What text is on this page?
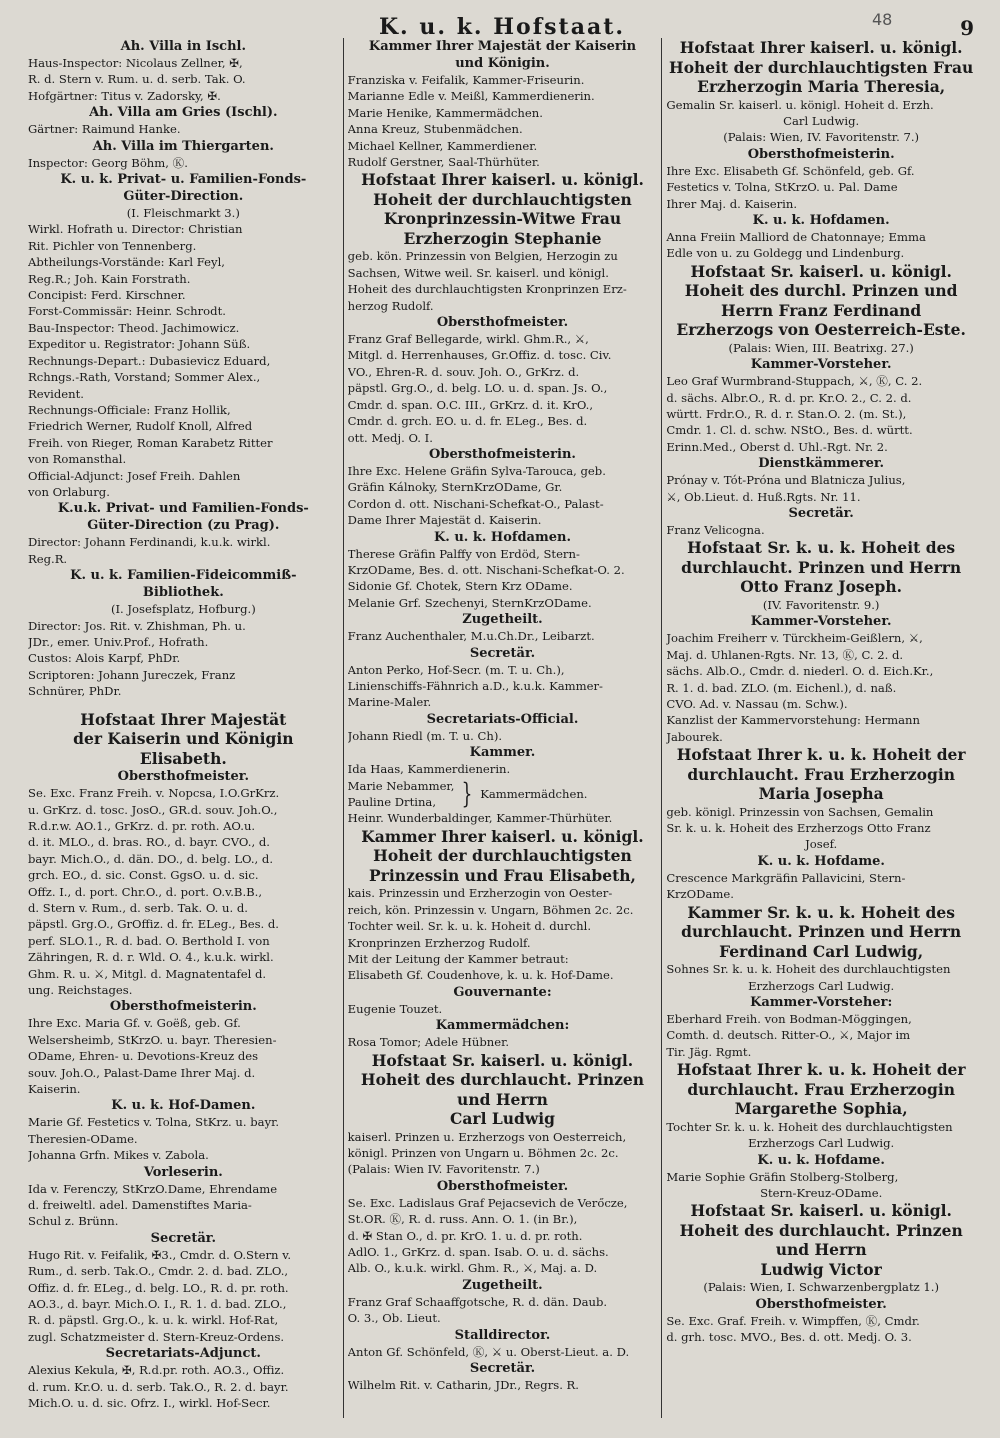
K. u. k. Hofstaat.	48	9
Ah. Villa in Ischl.
Haus-Inspector: Nicolaus Zellner, ✠,
R. d. Stern v. Rum. u. d. serb. Tak. O.
Hofgärtner: Titus v. Zadorsky, ✠.
Ah. Villa am Gries (Ischl).
Gärtner: Raimund Hanke.
Ah. Villa im Thiergarten.
Inspector: Georg Böhm, Ⓚ.
K. u. k. Privat- u. Familien-Fonds-
Güter-Direction.
(I. Fleischmarkt 3.)
Wirkl. Hofrath u. Director: Christian
Rit. Pichler von Tennenberg.
Abtheilungs-Vorstände: Karl Feyl,
Reg.R.; Joh. Kain Forstrath.
Concipist: Ferd. Kirschner.
Forst-Commissär: Heinr. Schrodt.
Bau-Inspector: Theod. Jachimowicz.
Expeditor u. Registrator: Johann Süß.
Rechnungs-Depart.: Dubasievicz Eduard,
Rchngs.-Rath, Vorstand; Sommer Alex.,
Revident.
Rechnungs-Officiale: Franz Hollik,
Friedrich Werner, Rudolf Knoll, Alfred
Freih. von Rieger, Roman Karabetz Ritter
von Romansthal.
Official-Adjunct: Josef Freih. Dahlen
von Orlaburg.
K.u.k. Privat- und Familien-Fonds-
Güter-Direction (zu Prag).
Director: Johann Ferdinandi, k.u.k. wirkl.
Reg.R.
K. u. k. Familien-Fideicommiß-
Bibliothek.
(I. Josefsplatz, Hofburg.)
Director: Jos. Rit. v. Zhishman, Ph. u.
JDr., emer. Univ.Prof., Hofrath.
Custos: Alois Karpf, PhDr.
Scriptoren: Johann Jureczek, Franz
Schnürer, PhDr.
Hofstaat Ihrer Majestät
der Kaiserin und Königin
Elisabeth.
Obersthofmeister.
Se. Exc. Franz Freih. v. Nopcsa, I.O.GrKrz.
u. GrKrz. d. tosc. JosO., GR.d. souv. Joh.O.,
R.d.r.w. AO.1., GrKrz. d. pr. roth. AO.u.
d. it. MLO., d. bras. RO., d. bayr. CVO., d.
bayr. Mich.O., d. dän. DO., d. belg. LO., d.
grch. EO., d. sic. Const. GgsO. u. d. sic.
Offz. I., d. port. Chr.O., d. port. O.v.B.B.,
d. Stern v. Rum., d. serb. Tak. O. u. d.
päpstl. Grg.O., GrOffiz. d. fr. ELeg., Bes. d.
perf. SLO.1., R. d. bad. O. Berthold I. von
Zähringen, R. d. r. Wld. O. 4., k.u.k. wirkl.
Ghm. R. u. ⚔, Mitgl. d. Magnatentafel d.
ung. Reichstages.
Obersthofmeisterin.
Ihre Exc. Maria Gf. v. Goëß, geb. Gf.
Welsersheimb, StKrzO. u. bayr. Theresien-
ODame, Ehren- u. Devotions-Kreuz des
souv. Joh.O., Palast-Dame Ihrer Maj. d.
Kaiserin.
K. u. k. Hof-Damen.
Marie Gf. Festetics v. Tolna, StKrz. u. bayr.
Theresien-ODame.
Johanna Grfn. Mikes v. Zabola.
Vorleserin.
Ida v. Ferenczy, StKrzO.Dame, Ehrendame
d. freiweltl. adel. Damenstiftes Maria-
Schul z. Brünn.
Secretär.
Hugo Rit. v. Feifalik, ✠3., Cmdr. d. O.Stern v.
Rum., d. serb. Tak.O., Cmdr. 2. d. bad. ZLO.,
Offiz. d. fr. ELeg., d. belg. LO., R. d. pr. roth.
AO.3., d. bayr. Mich.O. I., R. 1. d. bad. ZLO.,
R. d. päpstl. Grg.O., k. u. k. wirkl. Hof-Rat,
zugl. Schatzmeister d. Stern-Kreuz-Ordens.
Secretariats-Adjunct.
Alexius Kekula, ✠, R.d.pr. roth. AO.3., Offiz.
d. rum. Kr.O. u. d. serb. Tak.O., R. 2. d. bayr.
Mich.O. u. d. sic. Ofrz. I., wirkl. Hof-Secr.
Kammer Ihrer Majestät der Kaiserin
und Königin.
Franziska v. Feifalik, Kammer-Friseurin.
Marianne Edle v. Meißl, Kammerdienerin.
Marie Henike, Kammermädchen.
Anna Kreuz, Stubenmädchen.
Michael Kellner, Kammerdiener.
Rudolf Gerstner, Saal-Thürhüter.
Hofstaat Ihrer kaiserl. u. königl.
Hoheit der durchlauchtigsten
Kronprinzessin-Witwe Frau
Erzherzogin Stephanie
geb. kön. Prinzessin von Belgien, Herzogin zu
Sachsen, Witwe weil. Sr. kaiserl. und königl.
Hoheit des durchlauchtigsten Kronprinzen Erz-
herzog Rudolf.
Obersthofmeister.
Franz Graf Bellegarde, wirkl. Ghm.R., ⚔,
Mitgl. d. Herrenhauses, Gr.Offiz. d. tosc. Civ.
VO., Ehren-R. d. souv. Joh. O., GrKrz. d.
päpstl. Grg.O., d. belg. LO. u. d. span. Js. O.,
Cmdr. d. span. O.C. III., GrKrz. d. it. KrO.,
Cmdr. d. grch. EO. u. d. fr. ELeg., Bes. d.
ott. Medj. O. I.
Obersthofmeisterin.
Ihre Exc. Helene Gräfin Sylva-Tarouca, geb.
Gräfin Kálnoky, SternKrzODame, Gr.
Cordon d. ott. Nischani-Schefkat-O., Palast-
Dame Ihrer Majestät d. Kaiserin.
K. u. k. Hofdamen.
Therese Gräfin Palffy von Erdöd, Stern-
KrzODame, Bes. d. ott. Nischani-Schefkat-O. 2.
Sidonie Gf. Chotek, Stern Krz ODame.
Melanie Grf. Szechenyi, SternKrzODame.
Zugetheilt.
Franz Auchenthaler, M.u.Ch.Dr., Leibarzt.
Secretär.
Anton Perko, Hof-Secr. (m. T. u. Ch.),
Linienschiffs-Fähnrich a.D., k.u.k. Kammer-
Marine-Maler.
Secretariats-Official.
Johann Riedl (m. T. u. Ch).
Kammer.
Ida Haas, Kammerdienerin.
Marie Nebammer,
Pauline Drtina, } Kammermädchen.
Heinr. Wunderbaldinger, Kammer-Thürhüter.
Kammer Ihrer kaiserl. u. königl.
Hoheit der durchlauchtigsten
Prinzessin und Frau Elisabeth,
kais. Prinzessin und Erzherzogin von Oester-
reich, kön. Prinzessin v. Ungarn, Böhmen 2c. 2c.
Tochter weil. Sr. k. u. k. Hoheit d. durchl.
Kronprinzen Erzherzog Rudolf.
Mit der Leitung der Kammer betraut:
Elisabeth Gf. Coudenhove, k. u. k. Hof-Dame.
Gouvernante:
Eugenie Touzet.
Kammermädchen:
Rosa Tomor; Adele Hübner.
Hofstaat Sr. kaiserl. u. königl.
Hoheit des durchlaucht. Prinzen
und Herrn
Carl Ludwig
kaiserl. Prinzen u. Erzherzogs von Oesterreich,
königl. Prinzen von Ungarn u. Böhmen 2c. 2c.
(Palais: Wien IV. Favoritenstr. 7.)
Obersthofmeister.
Se. Exc. Ladislaus Graf Pejacsevich de Verőcze,
St.OR. Ⓚ, R. d. russ. Ann. O. 1. (in Br.),
d. ✠ Stan O., d. pr. KrO. 1. u. d. pr. roth.
AdlO. 1., GrKrz. d. span. Isab. O. u. d. sächs.
Alb. O., k.u.k. wirkl. Ghm. R., ⚔, Maj. a. D.
Zugetheilt.
Franz Graf Schaaffgotsche, R. d. dän. Daub.
O. 3., Ob. Lieut.
Stalldirector.
Anton Gf. Schönfeld, Ⓚ, ⚔ u. Oberst-Lieut. a. D.
Secretär.
Wilhelm Rit. v. Catharin, JDr., Regrs. R.
Hofstaat Ihrer kaiserl. u. königl.
Hoheit der durchlauchtigsten Frau
Erzherzogin Maria Theresia,
Gemalin Sr. kaiserl. u. königl. Hoheit d. Erzh.
Carl Ludwig.
(Palais: Wien, IV. Favoritenstr. 7.)
Obersthofmeisterin.
Ihre Exc. Elisabeth Gf. Schönfeld, geb. Gf.
Festetics v. Tolna, StKrzO. u. Pal. Dame
Ihrer Maj. d. Kaiserin.
K. u. k. Hofdamen.
Anna Freiin Malliord de Chatonnaye; Emma
Edle von u. zu Goldegg und Lindenburg.
Hofstaat Sr. kaiserl. u. königl.
Hoheit des durchl. Prinzen und
Herrn Franz Ferdinand
Erzherzogs von Oesterreich-Este.
(Palais: Wien, III. Beatrixg. 27.)
Kammer-Vorsteher.
Leo Graf Wurmbrand-Stuppach, ⚔, Ⓚ, C. 2.
d. sächs. Albr.O., R. d. pr. Kr.O. 2., C. 2. d.
württ. Frdr.O., R. d. r. Stan.O. 2. (m. St.),
Cmdr. 1. Cl. d. schw. NStO., Bes. d. württ.
Erinn.Med., Oberst d. Uhl.-Rgt. Nr. 2.
Dienstkämmerer.
Prónay v. Tót-Próna und Blatnicza Julius,
⚔, Ob.Lieut. d. Huß.Rgts. Nr. 11.
Secretär.
Franz Velicogna.
Hofstaat Sr. k. u. k. Hoheit des
durchlaucht. Prinzen und Herrn
Otto Franz Joseph.
(IV. Favoritenstr. 9.)
Kammer-Vorsteher.
Joachim Freiherr v. Türckheim-Geißlern, ⚔,
Maj. d. Uhlanen-Rgts. Nr. 13, Ⓚ, C. 2. d.
sächs. Alb.O., Cmdr. d. niederl. O. d. Eich.Kr.,
R. 1. d. bad. ZLO. (m. Eichenl.), d. naß.
CVO. Ad. v. Nassau (m. Schw.).
Kanzlist der Kammervorstehung: Hermann
Jabourek.
Hofstaat Ihrer k. u. k. Hoheit der
durchlaucht. Frau Erzherzogin
Maria Josepha
geb. königl. Prinzessin von Sachsen, Gemalin
Sr. k. u. k. Hoheit des Erzherzogs Otto Franz
Josef.
K. u. k. Hofdame.
Crescence Markgräfin Pallavicini, Stern-
KrzODame.
Kammer Sr. k. u. k. Hoheit des
durchlaucht. Prinzen und Herrn
Ferdinand Carl Ludwig,
Sohnes Sr. k. u. k. Hoheit des durchlauchtigsten
Erzherzogs Carl Ludwig.
Kammer-Vorsteher:
Eberhard Freih. von Bodman-Möggingen,
Comth. d. deutsch. Ritter-O., ⚔, Major im
Tir. Jäg. Rgmt.
Hofstaat Ihrer k. u. k. Hoheit der
durchlaucht. Frau Erzherzogin
Margarethe Sophia,
Tochter Sr. k. u. k. Hoheit des durchlauchtigsten
Erzherzogs Carl Ludwig.
K. u. k. Hofdame.
Marie Sophie Gräfin Stolberg-Stolberg,
Stern-Kreuz-ODame.
Hofstaat Sr. kaiserl. u. königl.
Hoheit des durchlaucht. Prinzen
und Herrn
Ludwig Victor
(Palais: Wien, I. Schwarzenbergplatz 1.)
Obersthofmeister.
Se. Exc. Graf. Freih. v. Wimpffen, Ⓚ, Cmdr.
d. grh. tosc. MVO., Bes. d. ott. Medj. O. 3.
